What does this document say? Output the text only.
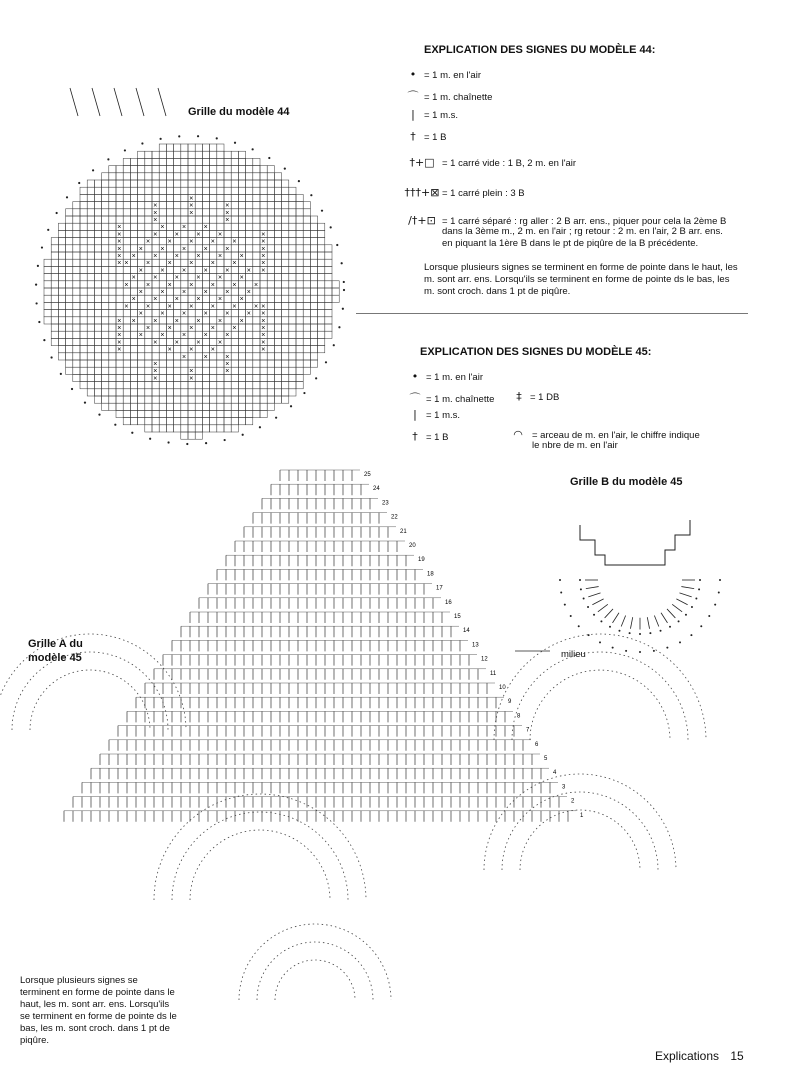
Grille du modèle 44
×
×
×
×
×
×
×
×
×
×
×
×
×
×
×
×
×
×
×
×
×
×
×
×
×
×
×
×
×
×
×
×
×
×
×
×
×
×
×
×
×
×
×
×
×
×
×
×
×
×
×
×
×
×
×
×
×
×
×
×
×
×
×
×
×
×
×
×
×
×
×
×
×
×
×
×
×
×
×
×
×
×
×
×
×
×
×
×
×
×
×
×
×
×
×
×
×
×
×
×
×
×
×
×
×
×
×
×
×
×
×
×
×
×
×
×
×
×
×
×
×
×
×
×
×
×
×
×
×
×
×
×
×
×
×
×
×
×
×
EXPLICATION DES SIGNES DU MODÈLE 44:
• = 1 m. en l'air
⌒ = 1 m. chaînette
| = 1 m.s.
† = 1 B
†+□ = 1 carré vide : 1 B, 2 m. en l'air
†††+⊠ = 1 carré plein : 3 B
/†+⊡ = 1 carré séparé : rg aller : 2 B arr. ens., piquer pour cela la 2ème B
dans la 3ème m., 2 m. en l'air ; rg retour : 2 m. en l'air, 2 B arr. ens.
en piquant la 1ère B dans le pt de piqûre de la B précédente.
Lorsque plusieurs signes se terminent en forme de pointe dans le haut, les
m. sont arr. ens. Lorsqu'ils se terminent en forme de pointe ds le bas, les
m. sont croch. dans 1 pt de piqûre.
EXPLICATION DES SIGNES DU MODÈLE 45:
• = 1 m. en l'air
⌒ = 1 m. chaînette
| = 1 m.s.
† = 1 B
‡ = 1 DB
◠ = arceau de m. en l'air, le chiffre indique
le nbre de m. en l'air
Grille B du modèle 45
Grille A du
modèle 45	milieu
25
24
23
22
21
20
19
18
17
16
15
14
13
12
11
10
9
8
7
6
5
4
3
2
1
Lorsque plusieurs signes se
terminent en forme de pointe dans le
haut, les m. sont arr. ens. Lorsqu'ils
se terminent en forme de pointe ds le
bas, les m. sont croch. dans 1 pt de
piqûre.
Explications 15
